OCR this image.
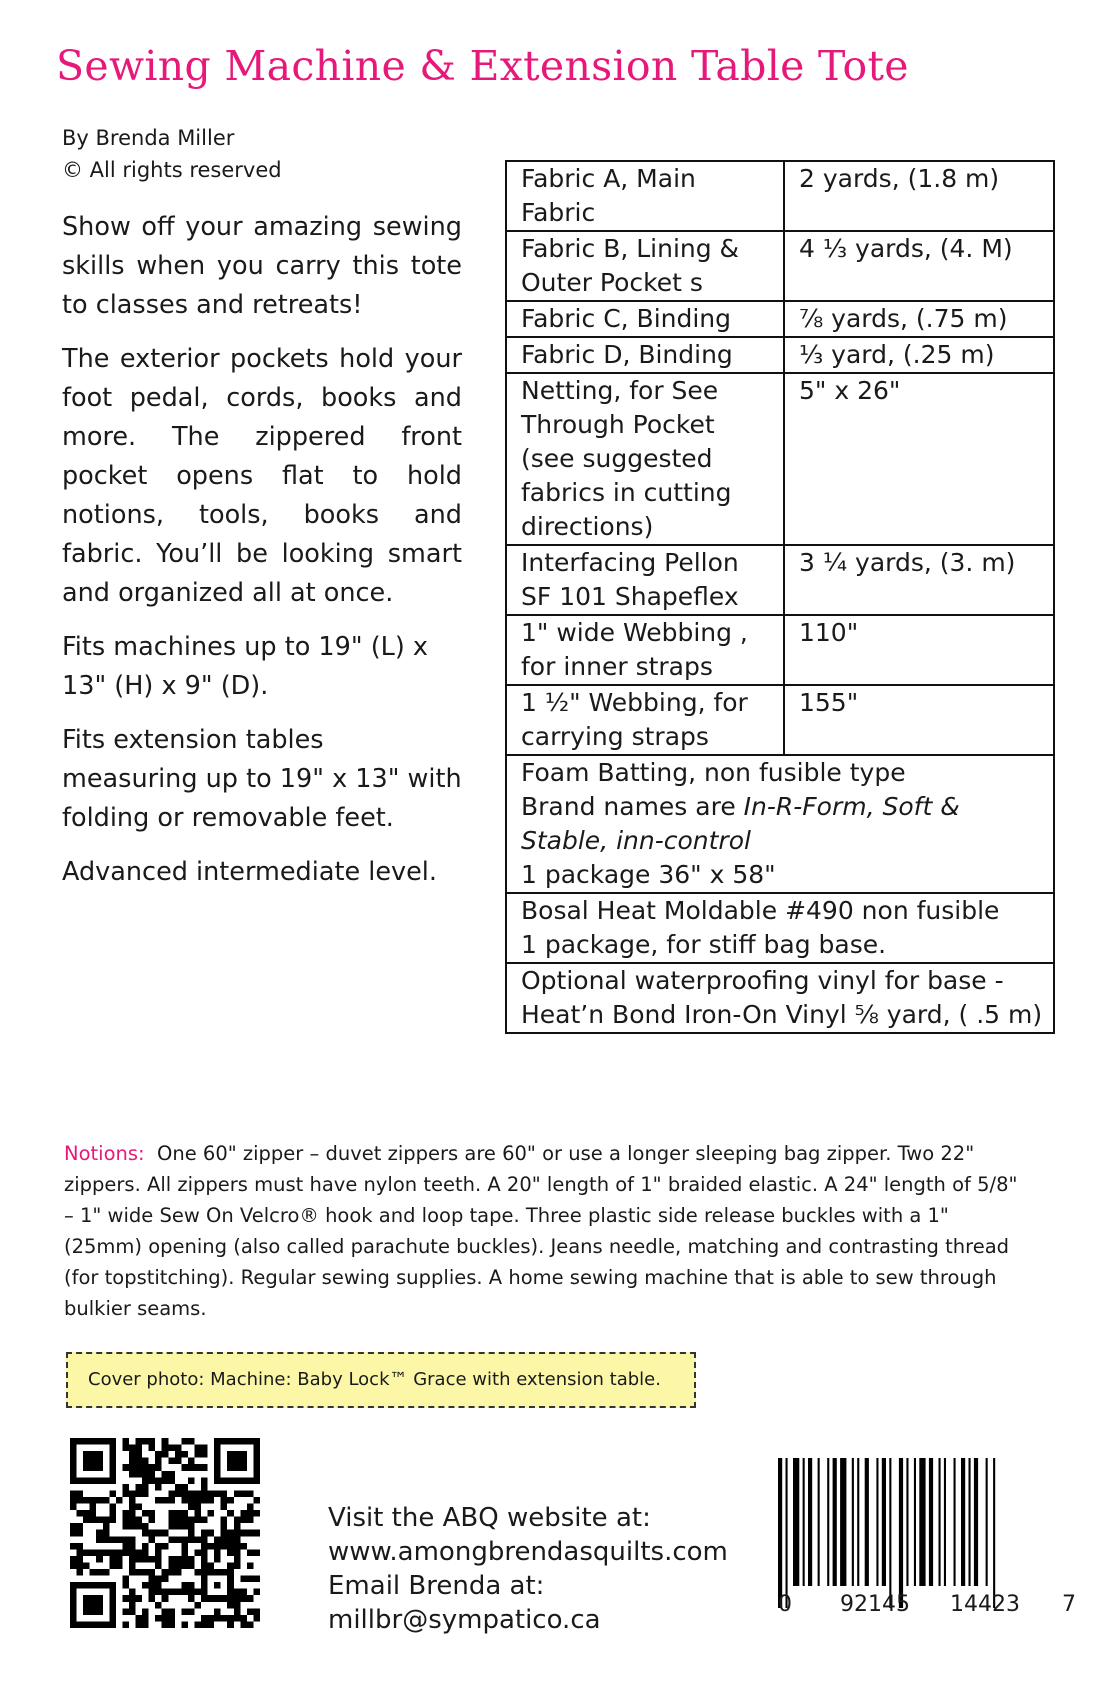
Sewing Machine & Extension Table Tote
By Brenda Miller
© All rights reserved

Show off your amazing sewing skills when you carry this tote to classes and retreats!

The exterior pockets hold your foot pedal, cords, books and more. The zippered front pocket opens flat to hold notions, tools, books and fabric. You’ll be looking smart and organized all at once.

Fits machines up to 19" (L) x 13" (H) x 9" (D).

Fits extension tables measuring up to 19" x 13" with folding or removable feet.

Advanced intermediate level.

Fabric A, Main Fabric	2 yards, (1.8 m)
Fabric B, Lining & Outer Pocket s	4 ⅓ yards, (4. M)
Fabric C, Binding	⅞ yards, (.75 m)
Fabric D, Binding	⅓ yard, (.25 m)
Netting, for See Through Pocket (see suggested fabrics in cutting directions)	5" x 26"
Interfacing Pellon SF 101 Shapeflex	3 ¼ yards, (3. m)
1" wide Webbing , for inner straps	110"
1 ½" Webbing, for carrying straps	155"

Foam Batting, non fusible type
Brand names are In-R-Form, Soft & Stable, inn-control
1 package 36" x 58"	

Bosal Heat Moldable #490 non fusible
1 package, for stiff bag base.	

Optional waterproofing vinyl for base - Heat’n Bond Iron-On Vinyl ⅝ yard, ( .5 m)	
Notions: One 60" zipper – duvet zippers are 60" or use a longer sleeping bag zipper. Two 22" zippers. All zippers must have nylon teeth. A 20" length of 1" braided elastic. A 24" length of 5/8" – 1" wide Sew On Velcro® hook and loop tape. Three plastic side release buckles with a 1" (25mm) opening (also called parachute buckles). Jeans needle, matching and contrasting thread (for topstitching). Regular sewing supplies. A home sewing machine that is able to sew through bulkier seams.
Cover photo: Machine: Baby Lock™ Grace with extension table.
Visit the ABQ website at:
www.amongbrendasquilts.com
Email Brenda at:
millbr@sympatico.ca
0 92145 14423 7
